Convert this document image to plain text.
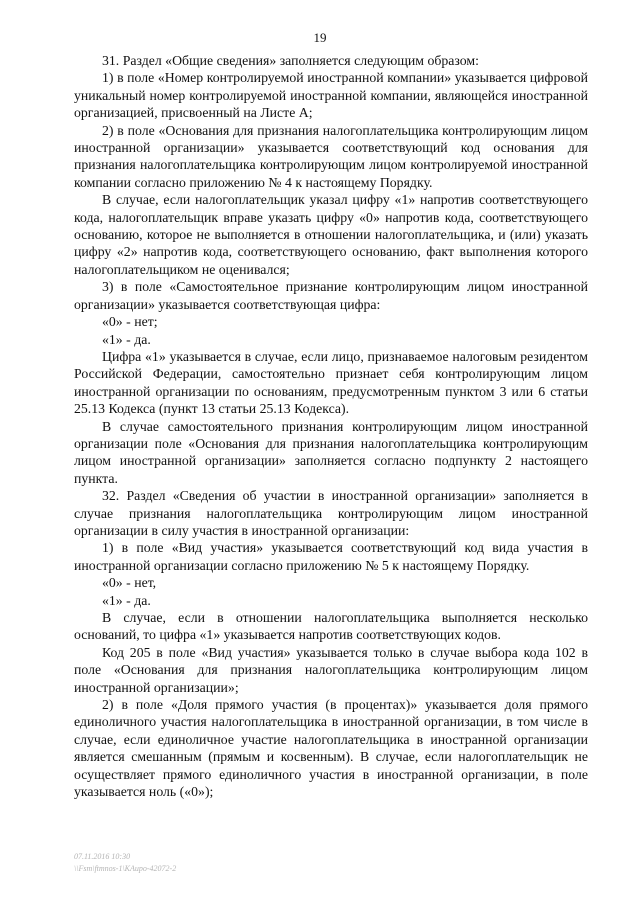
19

31. Раздел «Общие сведения» заполняется следующим образом:

1) в поле «Номер контролируемой иностранной компании» указывается цифровой уникальный номер контролируемой иностранной компании, являющейся иностранной организацией, присвоенный на Листе А;

2) в поле «Основания для признания налогоплательщика контролирующим лицом иностранной организации» указывается соответствующий код основания для признания налогоплательщика контролирующим лицом контролируемой иностранной компании согласно приложению № 4 к настоящему Порядку.

В случае, если налогоплательщик указал цифру «1» напротив соответствующего кода, налогоплательщик вправе указать цифру «0» напротив кода, соответствующего основанию, которое не выполняется в отношении налогоплательщика, и (или) указать цифру «2» напротив кода, соответствующего основанию, факт выполнения которого налогоплательщиком не оценивался;

3) в поле «Самостоятельное признание контролирующим лицом иностранной организации» указывается соответствующая цифра:

«0» - нет;

«1» - да.

Цифра «1» указывается в случае, если лицо, признаваемое налоговым резидентом Российской Федерации, самостоятельно признает себя контролирующим лицом иностранной организации по основаниям, предусмотренным пунктом 3 или 6 статьи 25.13 Кодекса (пункт 13 статьи 25.13 Кодекса).

В случае самостоятельного признания контролирующим лицом иностранной организации поле «Основания для признания налогоплательщика контролирующим лицом иностранной организации» заполняется согласно подпункту 2 настоящего пункта.

32. Раздел «Сведения об участии в иностранной организации» заполняется в случае признания налогоплательщика контролирующим лицом иностранной организации в силу участия в иностранной организации:

1) в поле «Вид участия» указывается соответствующий код вида участия в иностранной организации согласно приложению № 5 к настоящему Порядку.

«0» - нет,

«1» - да.

В случае, если в отношении налогоплательщика выполняется несколько оснований, то цифра «1» указывается напротив соответствующих кодов.

Код 205 в поле «Вид участия» указывается только в случае выбора кода 102 в поле «Основания для признания налогоплательщика контролирующим лицом иностранной организации»;

2) в поле «Доля прямого участия (в процентах)» указывается доля прямого единоличного участия налогоплательщика в иностранной организации, в том числе в случае, если единоличное участие налогоплательщика в иностранной организации является смешанным (прямым и косвенным). В случае, если налогоплательщик не осуществляет прямого единоличного участия в иностранной организации, в поле указывается ноль («0»);

07.11.2016 10:30
\\Fsm\ftmnos-1\KAupo-42072-2
